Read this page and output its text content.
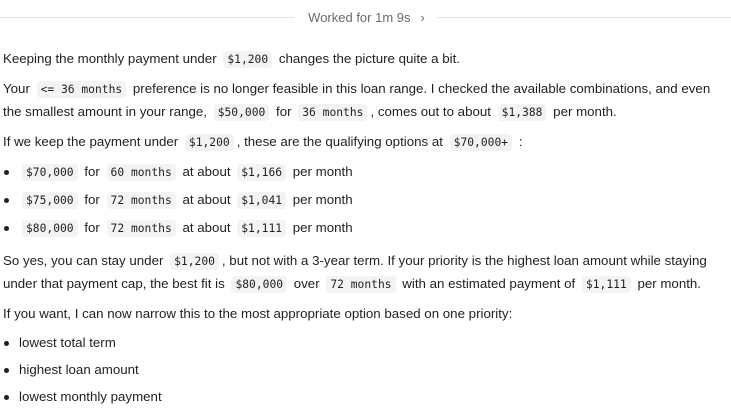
Worked for 1m 9s ›

Keeping the monthly payment under $1,200 changes the picture quite a bit.

Your <= 36 months preference is no longer feasible in this loan range. I checked the available combinations, and even the smallest amount in your range, $50,000 for 36 months , comes out to about $1,388 per month.

If we keep the payment under $1,200 , these are the qualifying options at $70,000+ :

$70,000 for 60 months at about $1,166 per month
$75,000 for 72 months at about $1,041 per month
$80,000 for 72 months at about $1,111 per month

So yes, you can stay under $1,200 , but not with a 3-year term. If your priority is the highest loan amount while staying under that payment cap, the best fit is $80,000 over 72 months with an estimated payment of $1,111 per month.

If you want, I can now narrow this to the most appropriate option based on one priority:

lowest total term
highest loan amount
lowest monthly payment
